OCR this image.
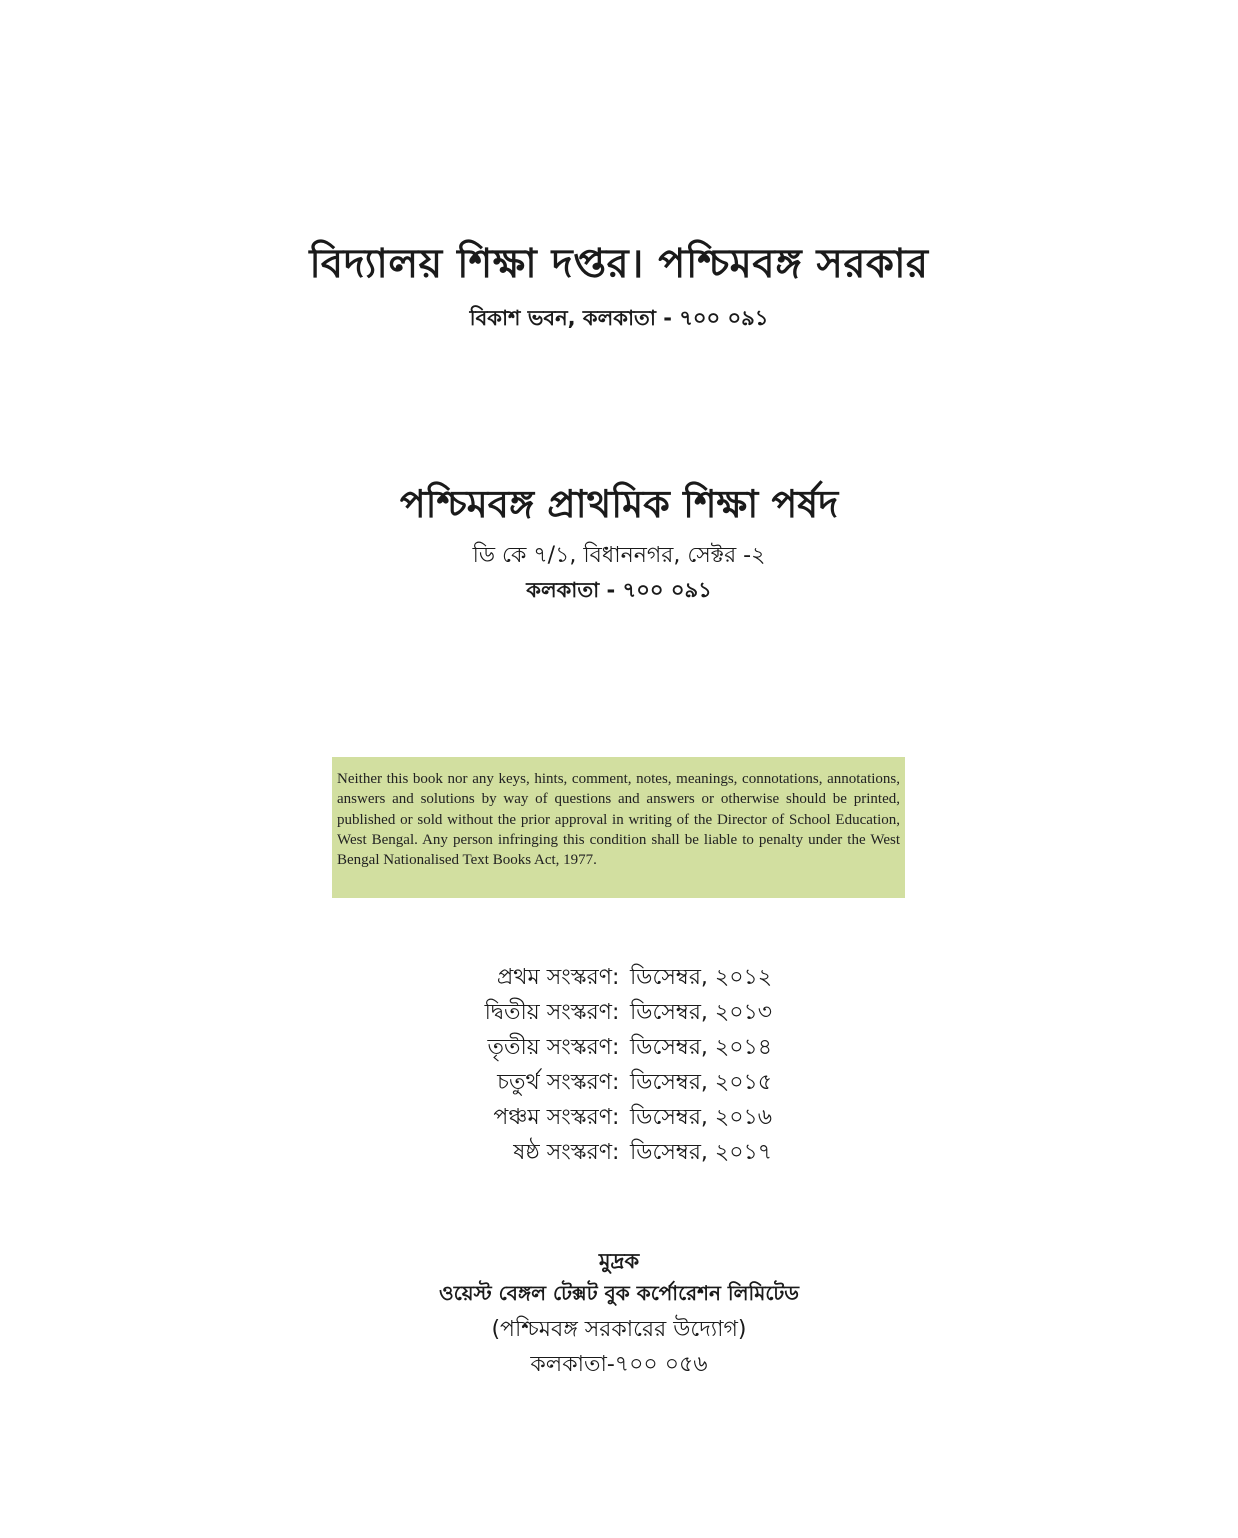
বিদ্যালয় শিক্ষা দপ্তর। পশ্চিমবঙ্গ সরকার
বিকাশ ভবন, কলকাতা - ৭০০ ০৯১
পশ্চিমবঙ্গ প্রাথমিক শিক্ষা পর্ষদ
ডি কে ৭/১, বিধাননগর, সেক্টর -২
কলকাতা - ৭০০ ০৯১

Neither this book nor any keys, hints, comment, notes, meanings, connotations, annotations, answers and solutions by way of questions and answers or otherwise should be printed, published or sold without the prior approval in writing of the Director of School Education, West Bengal. Any person infringing this condition shall be liable to penalty under the West Bengal Nationalised Text Books Act, 1977.

প্রথম সংস্করণ : ডিসেম্বর, ২০১২
দ্বিতীয় সংস্করণ : ডিসেম্বর, ২০১৩
তৃতীয় সংস্করণ : ডিসেম্বর, ২০১৪
চতুর্থ সংস্করণ : ডিসেম্বর, ২০১৫
পঞ্চম সংস্করণ : ডিসেম্বর, ২০১৬
ষষ্ঠ সংস্করণ : ডিসেম্বর, ২০১৭
মুদ্রক
ওয়েস্ট বেঙ্গল টেক্সট বুক কর্পোরেশন লিমিটেড
(পশ্চিমবঙ্গ সরকারের উদ্যোগ)
কলকাতা-৭০০ ০৫৬
